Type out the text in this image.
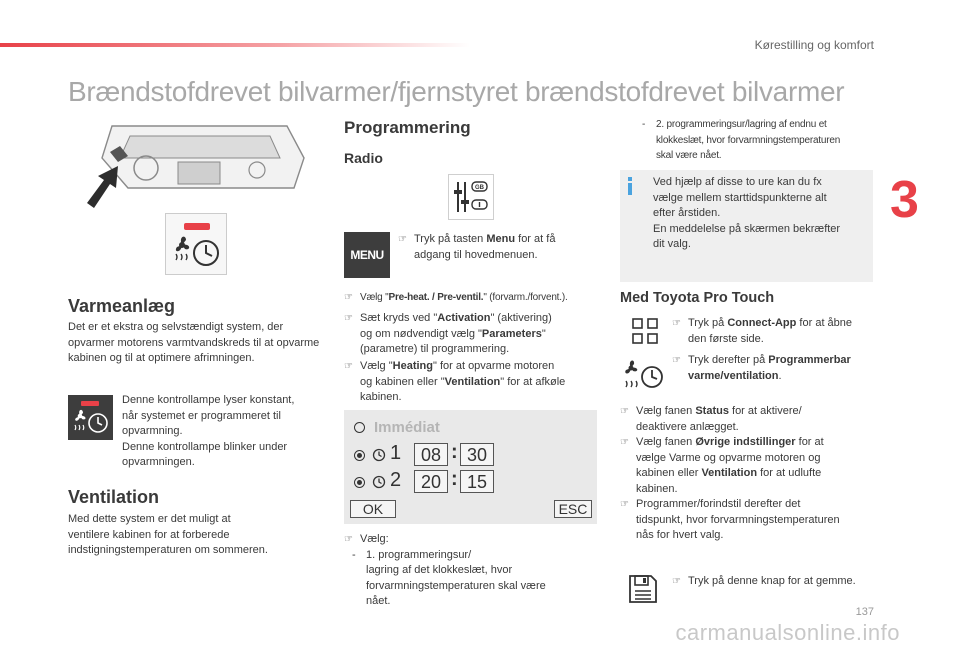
Kørestilling og komfort
Brændstofdrevet bilvarmer/fjernstyret brændstofdrevet bilvarmer
3
Varmeanlæg
Det er et ekstra og selvstændigt system, der opvarmer motorens varmtvandskreds til at opvarme kabinen og til at optimere afrimningen.
Denne kontrollampe lyser konstant,
når systemet er programmeret til
opvarmning.
Denne kontrollampe blinker under
opvarmningen.
Ventilation
Med dette system er det muligt at
ventilere kabinen for at forberede
indstigningstemperaturen om sommeren.
Programmering
Radio
GB
MENU
☞ Tryk på tasten Menu for at få
adgang til hovedmenuen.
☞ Vælg "Pre-heat. / Pre-ventil." (forvarm./forvent.).
☞ Sæt kryds ved "Activation" (aktivering)
og om nødvendigt vælg "Parameters"
(parametre) til programmering.
☞ Vælg "Heating" for at opvarme motoren
og kabinen eller "Ventilation" for at afkøle
kabinen.
Immédiat
1	08 : 30
2	20 : 15
OK	ESC
☞ Vælg:
- 1. programmeringsur/
lagring af det klokkeslæt, hvor
forvarmningstemperaturen skal være
nået.
-	2. programmeringsur/lagring af endnu et
klokkeslæt, hvor forvarmningstemperaturen
skal være nået.
Ved hjælp af disse to ure kan du fx
vælge mellem starttidspunkterne alt
efter årstiden.
En meddelelse på skærmen bekræfter
dit valg.
Med Toyota Pro Touch
☞ Tryk på Connect-App for at åbne
den første side.
☞ Tryk derefter på Programmerbar
varme/ventilation.
☞ Vælg fanen Status for at aktivere/
deaktivere anlægget.
☞ Vælg fanen Øvrige indstillinger for at
vælge Varme og opvarme motoren og
kabinen eller Ventilation for at udlufte
kabinen.
☞ Programmer/forindstil derefter det
tidspunkt, hvor forvarmningstemperaturen
nås for hvert valg.
☞ Tryk på denne knap for at gemme.
137
carmanualsonline.info
